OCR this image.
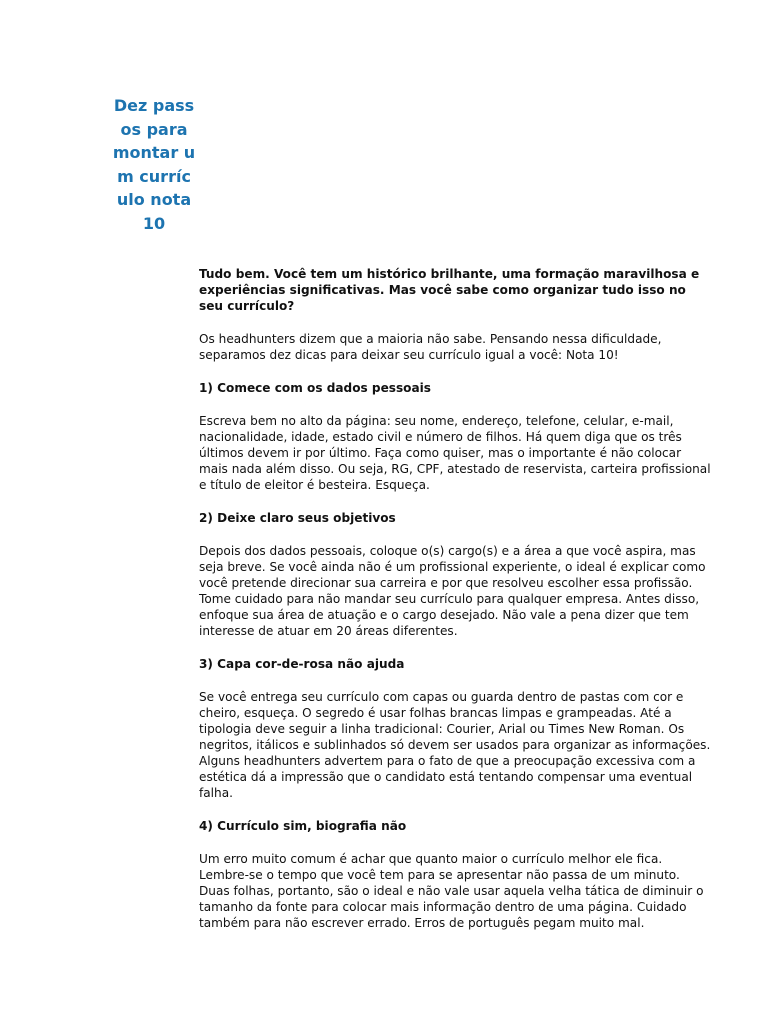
Dez passos para montar um currículo nota 10

Tudo bem. Você tem um histórico brilhante, uma formação maravilhosa e experiências significativas. Mas você sabe como organizar tudo isso no seu currículo?

Os headhunters dizem que a maioria não sabe. Pensando nessa dificuldade, separamos dez dicas para deixar seu currículo igual a você: Nota 10!

1) Comece com os dados pessoais

Escreva bem no alto da página: seu nome, endereço, telefone, celular, e-mail, nacionalidade, idade, estado civil e número de filhos. Há quem diga que os três últimos devem ir por último. Faça como quiser, mas o importante é não colocar mais nada além disso. Ou seja, RG, CPF, atestado de reservista, carteira profissional e título de eleitor é besteira. Esqueça.

2) Deixe claro seus objetivos

Depois dos dados pessoais, coloque o(s) cargo(s) e a área a que você aspira, mas seja breve. Se você ainda não é um profissional experiente, o ideal é explicar como você pretende direcionar sua carreira e por que resolveu escolher essa profissão. Tome cuidado para não mandar seu currículo para qualquer empresa. Antes disso, enfoque sua área de atuação e o cargo desejado. Não vale a pena dizer que tem interesse de atuar em 20 áreas diferentes.

3) Capa cor-de-rosa não ajuda

Se você entrega seu currículo com capas ou guarda dentro de pastas com cor e cheiro, esqueça. O segredo é usar folhas brancas limpas e grampeadas. Até a tipologia deve seguir a linha tradicional: Courier, Arial ou Times New Roman. Os negritos, itálicos e sublinhados só devem ser usados para organizar as informações. Alguns headhunters advertem para o fato de que a preocupação excessiva com a estética dá a impressão que o candidato está tentando compensar uma eventual falha.

4) Currículo sim, biografia não

Um erro muito comum é achar que quanto maior o currículo melhor ele fica. Lembre-se o tempo que você tem para se apresentar não passa de um minuto. Duas folhas, portanto, são o ideal e não vale usar aquela velha tática de diminuir o tamanho da fonte para colocar mais informação dentro de uma página. Cuidado também para não escrever errado. Erros de português pegam muito mal.
